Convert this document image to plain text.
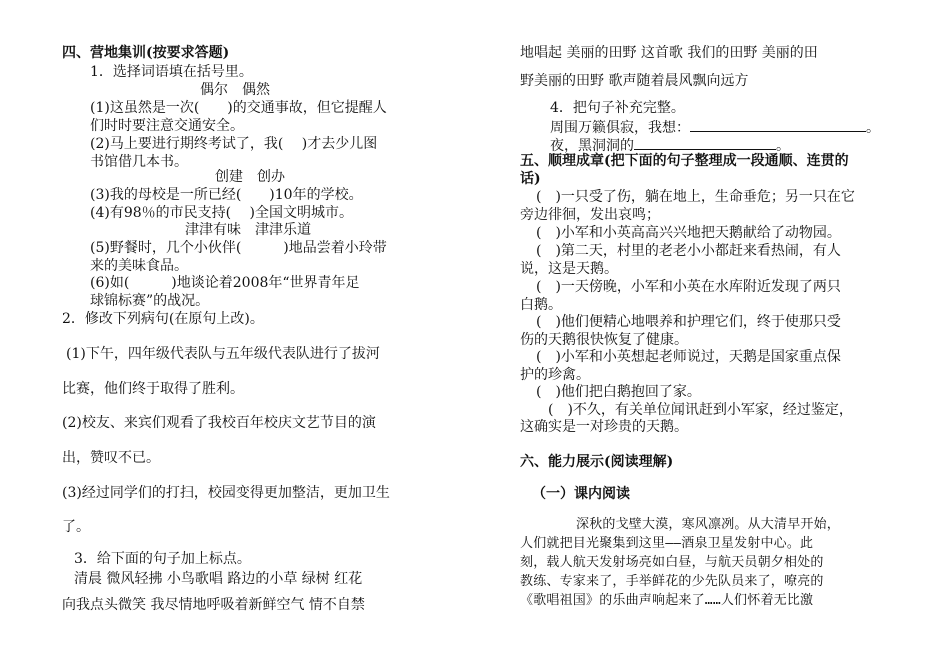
四、营地集训(按要求答题)
1．选择词语填在括号里。
偶尔　偶然
(1)这虽然是一次(　　)的交通事故，但它提醒人
们时时要注意交通安全。
(2)马上要进行期终考试了，我(　 )才去少儿图
书馆借几本书。
创建　创办
(3)我的母校是一所已经(　　)10年的学校。
(4)有98％的市民支持(　 )全国文明城市。
津津有味　津津乐道
(5)野餐时，几个小伙伴(　　　)地品尝着小玲带
来的美味食品。
(6)如(　　　)地谈论着2008年“世界青年足
球锦标赛”的战况。
2．修改下列病句(在原句上改)。
(1)下午，四年级代表队与五年级代表队进行了拔河
比赛，他们终于取得了胜利。
(2)校友、来宾们观看了我校百年校庆文艺节目的演
出，赞叹不已。
(3)经过同学们的打扫，校园变得更加整洁，更加卫生
了。
3．给下面的句子加上标点。
清晨 微风轻拂 小鸟歌唱 路边的小草 绿树 红花
向我点头微笑 我尽情地呼吸着新鲜空气 情不自禁
地唱起 美丽的田野 这首歌 我们的田野 美丽的田
野美丽的田野 歌声随着晨风飘向远方
4．把句子补充完整。
周围万籁俱寂，我想：	。
夜，黑洞洞的	。
五、顺理成章(把下面的句子整理成一段通顺、连贯的
话)
(　)一只受了伤，躺在地上，生命垂危；另一只在它
旁边徘徊，发出哀鸣；
(　)小军和小英高高兴兴地把天鹅献给了动物园。
(　)第二天，村里的老老小小都赶来看热闹，有人
说，这是天鹅。
(　)一天傍晚，小军和小英在水库附近发现了两只
白鹅。
(　)他们便精心地喂养和护理它们，终于使那只受
伤的天鹅很快恢复了健康。
(　)小军和小英想起老师说过，天鹅是国家重点保
护的珍禽。
(　)他们把白鹅抱回了家。
(　)不久，有关单位闻讯赶到小军家，经过鉴定，
这确实是一对珍贵的天鹅。
六、能力展示(阅读理解)
（一）课内阅读
深秋的戈壁大漠，寒风凛冽。从大清早开始，
人们就把目光聚集到这里——酒泉卫星发射中心。此
刻，载人航天发射场亮如白昼，与航天员朝夕相处的
教练、专家来了，手举鲜花的少先队员来了，嘹亮的
《歌唱祖国》的乐曲声响起来了……人们怀着无比激
